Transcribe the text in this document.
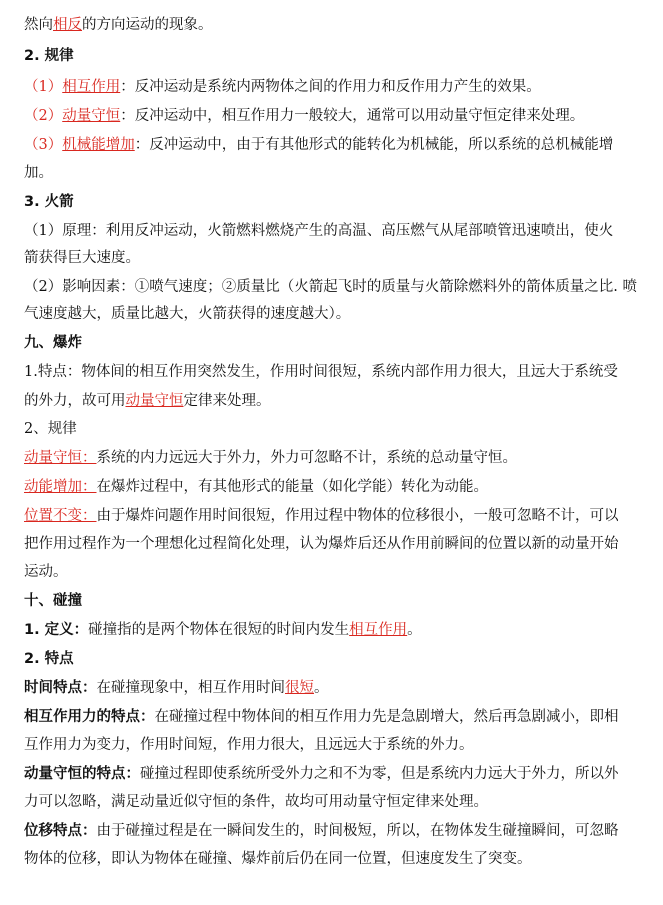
然向相反的方向运动的现象。
2. 规律
（1）相互作用：反冲运动是系统内两物体之间的作用力和反作用力产生的效果。
（2）动量守恒：反冲运动中，相互作用力一般较大，通常可以用动量守恒定律来处理。
（3）机械能增加：反冲运动中，由于有其他形式的能转化为机械能，所以系统的总机械能增
加。
3. 火箭
（1）原理：利用反冲运动，火箭燃料燃烧产生的高温、高压燃气从尾部喷管迅速喷出，使火
箭获得巨大速度。
（2）影响因素：①喷气速度；②质量比（火箭起飞时的质量与火箭除燃料外的箭体质量之比. 喷
气速度越大，质量比越大，火箭获得的速度越大）。
九、爆炸
1.特点：物体间的相互作用突然发生，作用时间很短，系统内部作用力很大，且远大于系统受
的外力，故可用动量守恒定律来处理。
2、规律
动量守恒：系统的内力远远大于外力，外力可忽略不计，系统的总动量守恒。
动能增加：在爆炸过程中，有其他形式的能量（如化学能）转化为动能。
位置不变：由于爆炸问题作用时间很短，作用过程中物体的位移很小，一般可忽略不计，可以
把作用过程作为一个理想化过程简化处理，认为爆炸后还从作用前瞬间的位置以新的动量开始
运动。
十、碰撞
1. 定义：碰撞指的是两个物体在很短的时间内发生相互作用。
2. 特点
时间特点：在碰撞现象中，相互作用时间很短。
相互作用力的特点：在碰撞过程中物体间的相互作用力先是急剧增大，然后再急剧减小，即相
互作用力为变力，作用时间短，作用力很大，且远远大于系统的外力。
动量守恒的特点：碰撞过程即使系统所受外力之和不为零，但是系统内力远大于外力，所以外
力可以忽略，满足动量近似守恒的条件，故均可用动量守恒定律来处理。
位移特点：由于碰撞过程是在一瞬间发生的，时间极短，所以，在物体发生碰撞瞬间，可忽略
物体的位移，即认为物体在碰撞、爆炸前后仍在同一位置，但速度发生了突变。
